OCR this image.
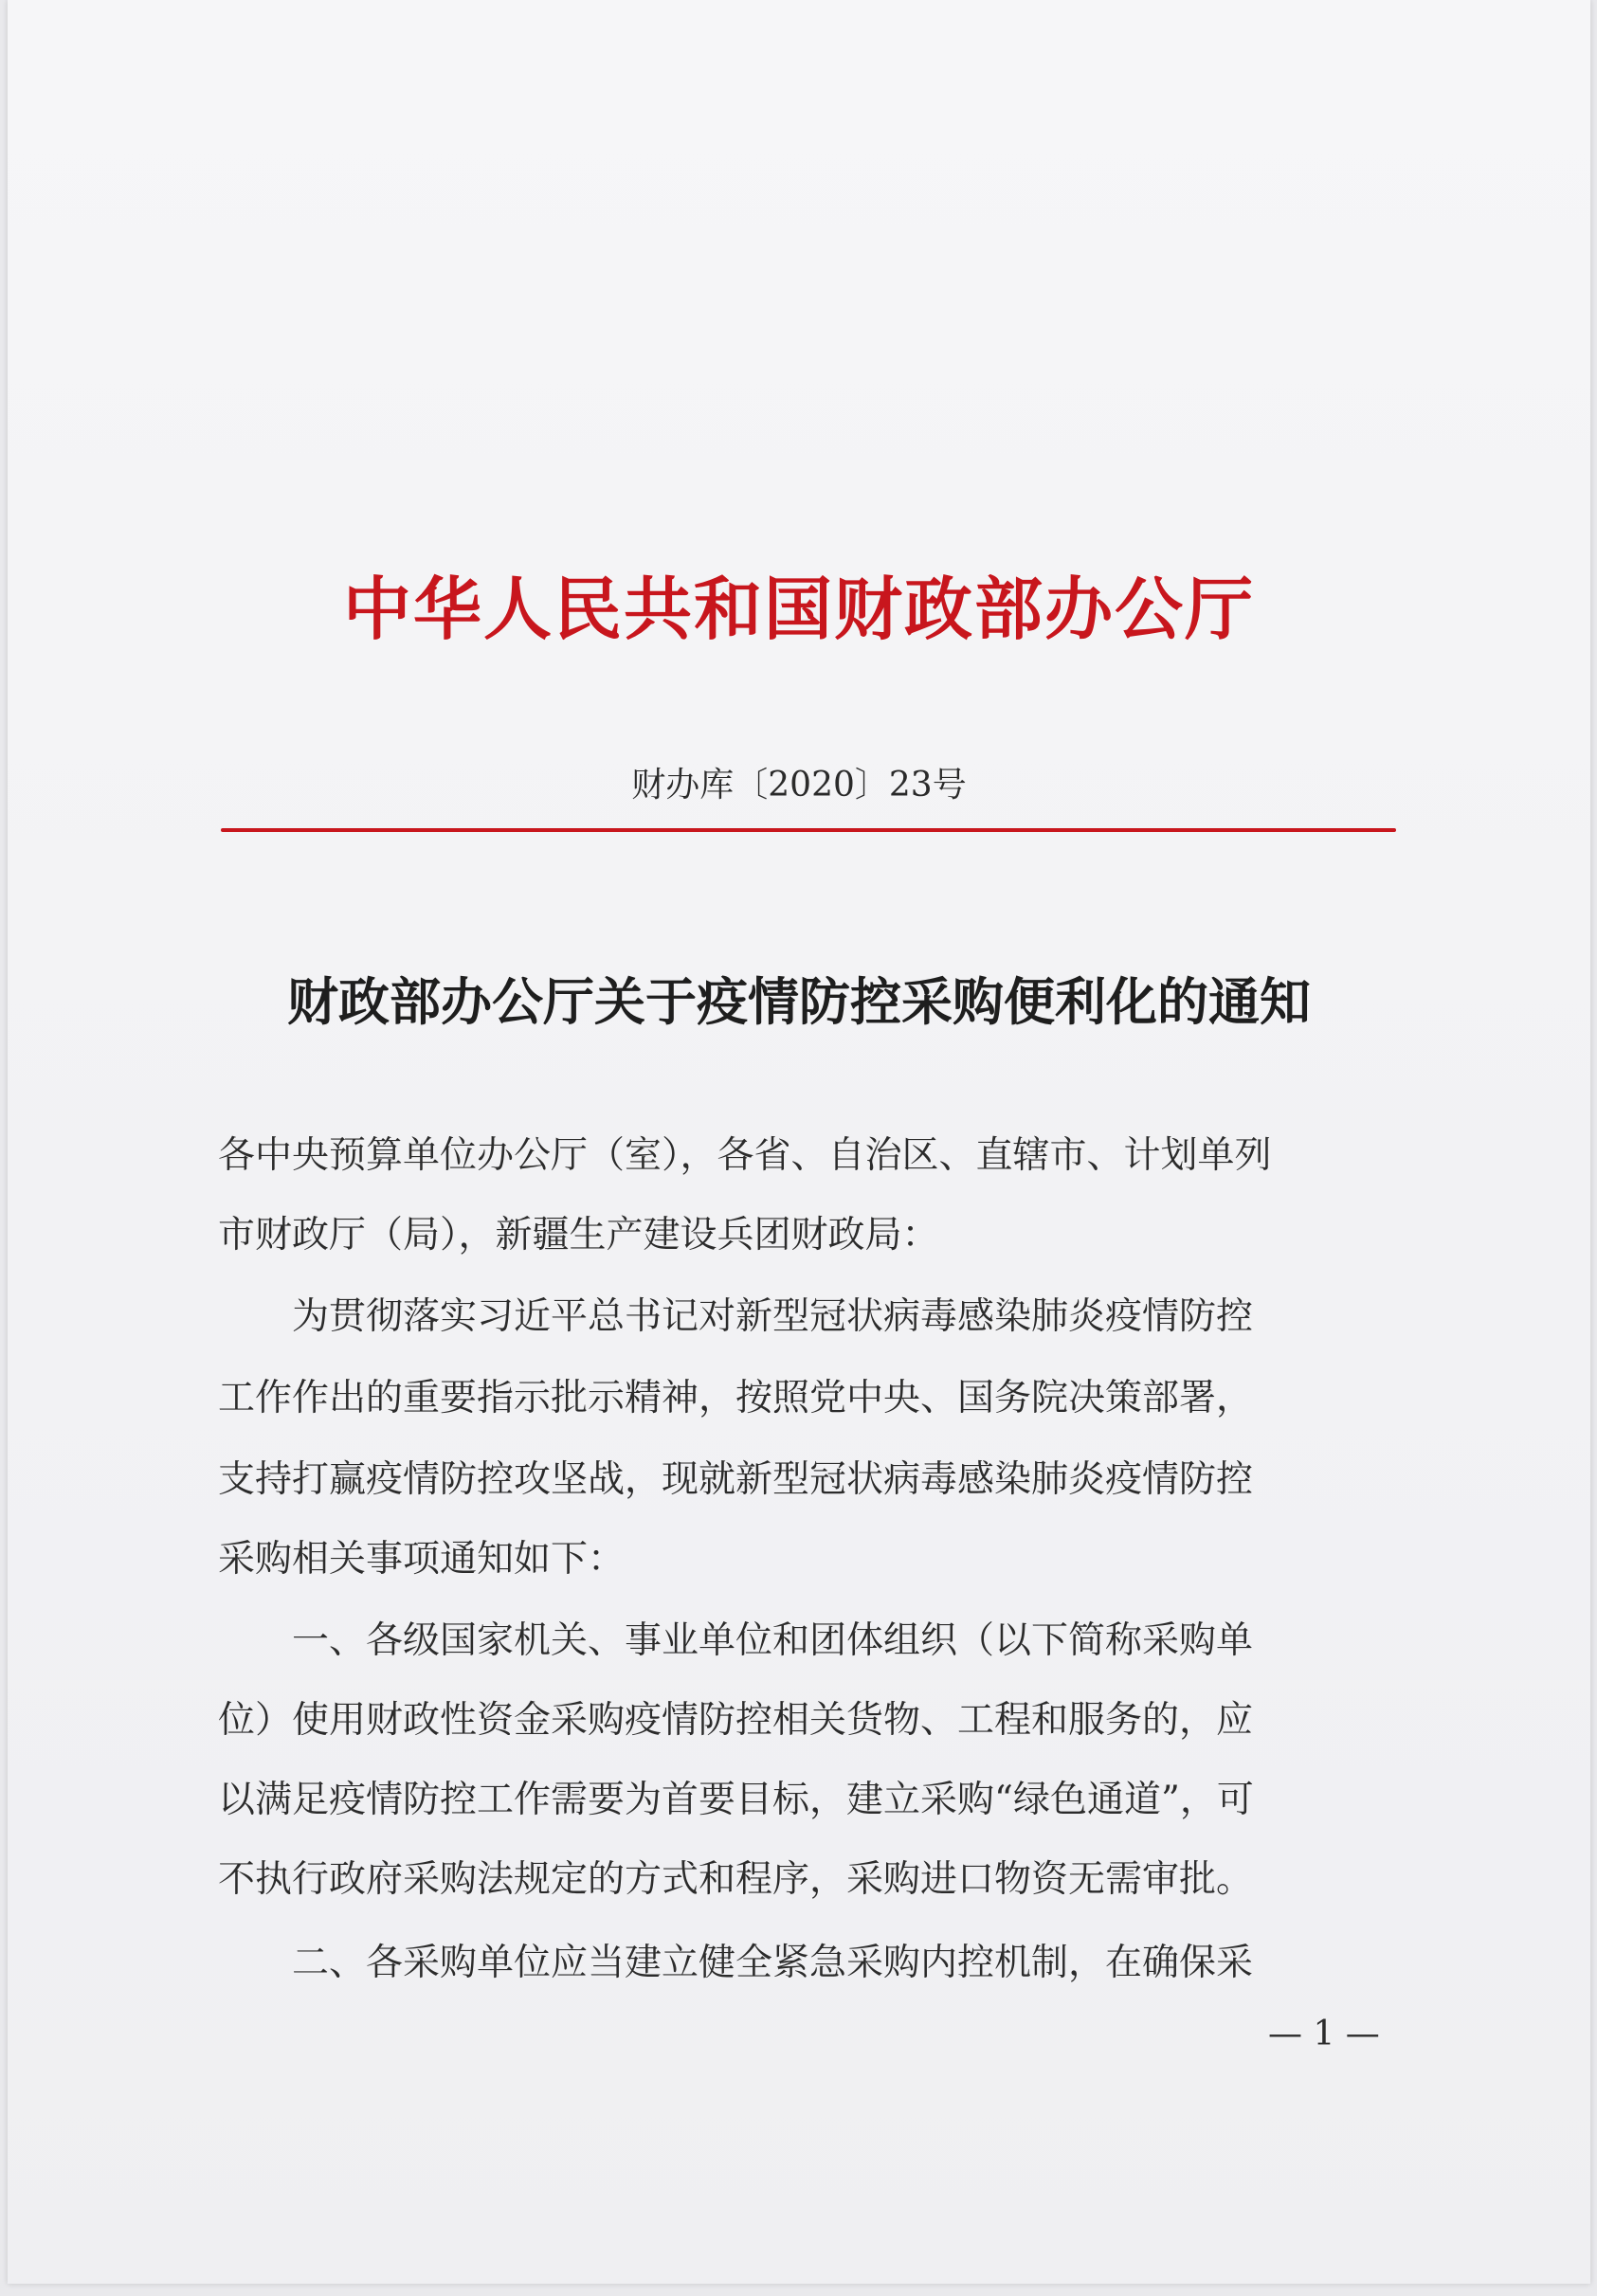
中华人民共和国财政部办公厅
财办库〔2020〕23号
财政部办公厅关于疫情防控采购便利化的通知
各中央预算单位办公厅（室），各省、自治区、直辖市、计划单列
市财政厅（局），新疆生产建设兵团财政局：
　　为贯彻落实习近平总书记对新型冠状病毒感染肺炎疫情防控
工作作出的重要指示批示精神，按照党中央、国务院决策部署，
支持打赢疫情防控攻坚战，现就新型冠状病毒感染肺炎疫情防控
采购相关事项通知如下：
　　一、各级国家机关、事业单位和团体组织（以下简称采购单
位）使用财政性资金采购疫情防控相关货物、工程和服务的，应
以满足疫情防控工作需要为首要目标，建立采购“绿色通道”，可
不执行政府采购法规定的方式和程序，采购进口物资无需审批。
　　二、各采购单位应当建立健全紧急采购内控机制，在确保采
— 1 —
